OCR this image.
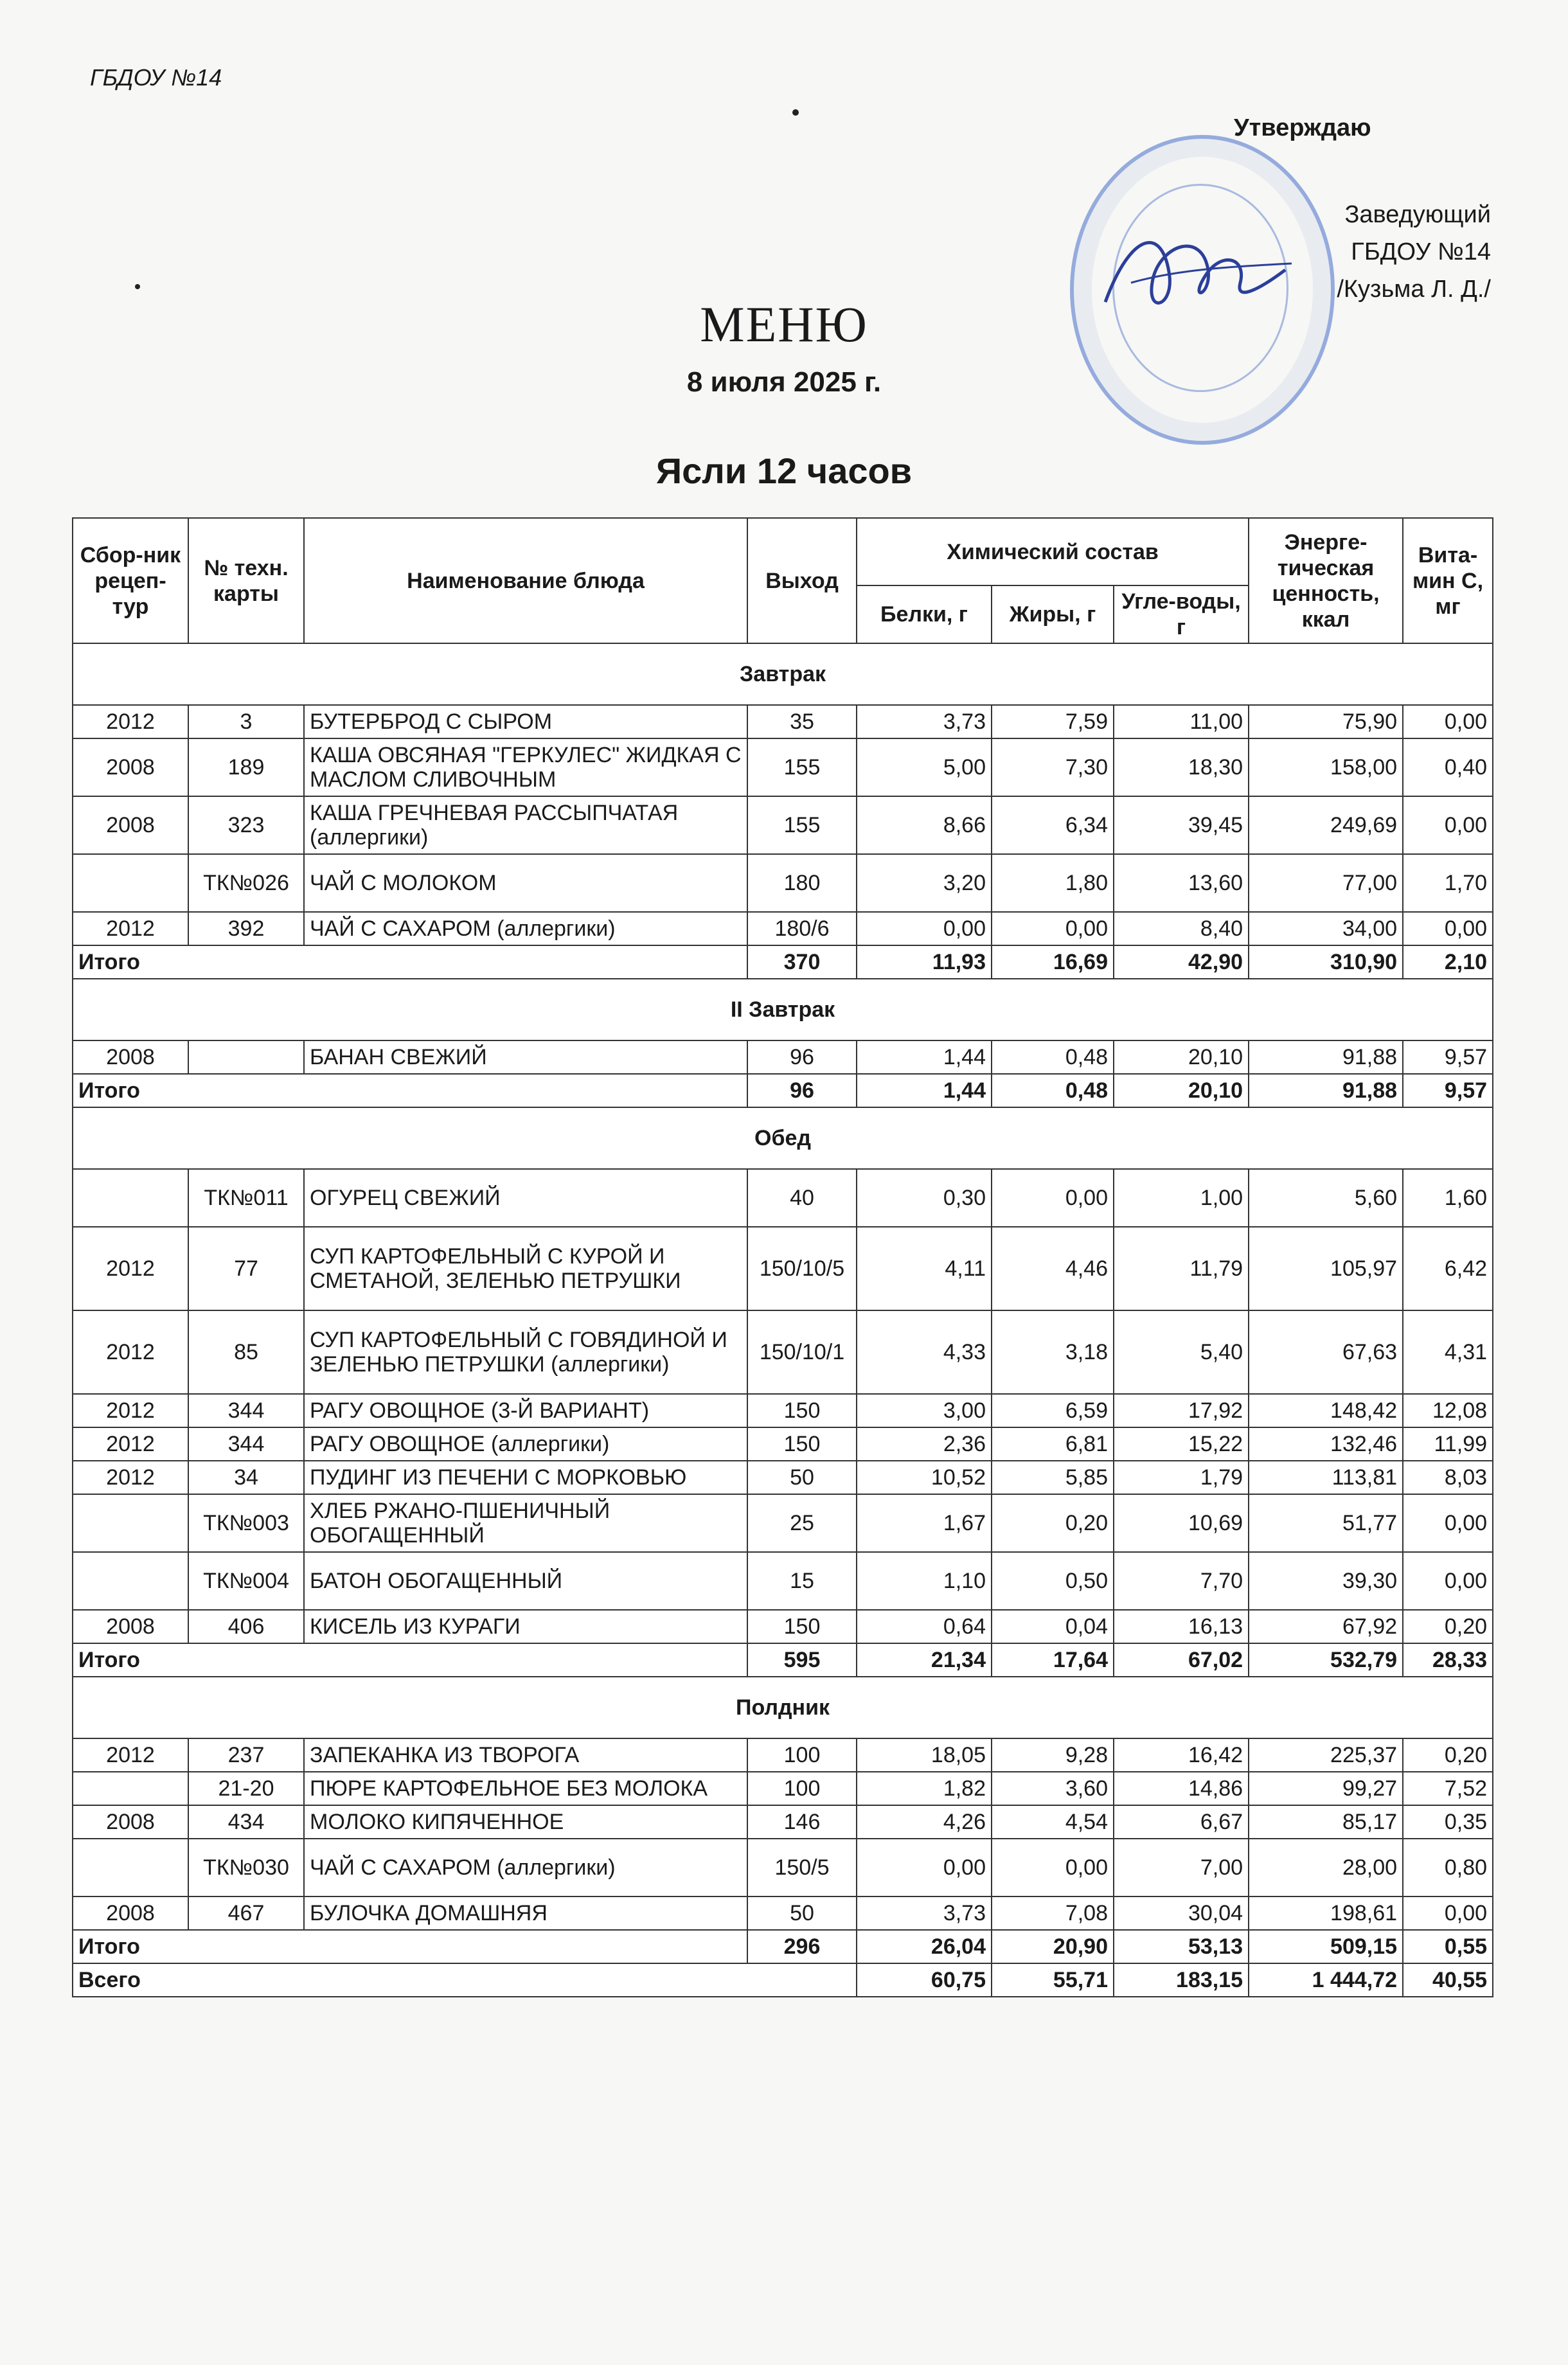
ГБДОУ №14
Утверждаю
Заведующий
ГБДОУ №14
/Кузьма Л. Д./
МЕНЮ
8 июля 2025 г.
Ясли 12 часов
Сбор-ник рецеп-тур	№ техн. карты	Наименование блюда	Выход	Химический состав			Энерге-тическая ценность, ккал	Вита-мин С, мг
				Белки, г	Жиры, г	Угле-воды, г		
Завтрак								
2012	3	БУТЕРБРОД С СЫРОМ	35	3,73	7,59	11,00	75,90	0,00
2008	189	КАША ОВСЯНАЯ "ГЕРКУЛЕС" ЖИДКАЯ С МАСЛОМ СЛИВОЧНЫМ	155	5,00	7,30	18,30	158,00	0,40
2008	323	КАША ГРЕЧНЕВАЯ РАССЫПЧАТАЯ (аллергики)	155	8,66	6,34	39,45	249,69	0,00
	ТК№026	ЧАЙ С МОЛОКОМ	180	3,20	1,80	13,60	77,00	1,70
2012	392	ЧАЙ С САХАРОМ (аллергики)	180/6	0,00	0,00	8,40	34,00	0,00
Итого			370	11,93	16,69	42,90	310,90	2,10
II Завтрак								
2008		БАНАН СВЕЖИЙ	96	1,44	0,48	20,10	91,88	9,57
Итого			96	1,44	0,48	20,10	91,88	9,57
Обед								
	ТК№011	ОГУРЕЦ СВЕЖИЙ	40	0,30	0,00	1,00	5,60	1,60
2012	77	СУП КАРТОФЕЛЬНЫЙ С КУРОЙ И СМЕТАНОЙ, ЗЕЛЕНЬЮ ПЕТРУШКИ	150/10/5	4,11	4,46	11,79	105,97	6,42
2012	85	СУП КАРТОФЕЛЬНЫЙ С ГОВЯДИНОЙ И ЗЕЛЕНЬЮ ПЕТРУШКИ (аллергики)	150/10/1	4,33	3,18	5,40	67,63	4,31
2012	344	РАГУ ОВОЩНОЕ (3-Й ВАРИАНТ)	150	3,00	6,59	17,92	148,42	12,08
2012	344	РАГУ ОВОЩНОЕ (аллергики)	150	2,36	6,81	15,22	132,46	11,99
2012	34	ПУДИНГ ИЗ ПЕЧЕНИ С МОРКОВЬЮ	50	10,52	5,85	1,79	113,81	8,03
	ТК№003	ХЛЕБ РЖАНО-ПШЕНИЧНЫЙ ОБОГАЩЕННЫЙ	25	1,67	0,20	10,69	51,77	0,00
	ТК№004	БАТОН ОБОГАЩЕННЫЙ	15	1,10	0,50	7,70	39,30	0,00
2008	406	КИСЕЛЬ ИЗ КУРАГИ	150	0,64	0,04	16,13	67,92	0,20
Итого			595	21,34	17,64	67,02	532,79	28,33
Полдник								
2012	237	ЗАПЕКАНКА ИЗ ТВОРОГА	100	18,05	9,28	16,42	225,37	0,20
	21-20	ПЮРЕ КАРТОФЕЛЬНОЕ БЕЗ МОЛОКА	100	1,82	3,60	14,86	99,27	7,52
2008	434	МОЛОКО КИПЯЧЕННОЕ	146	4,26	4,54	6,67	85,17	0,35
	ТК№030	ЧАЙ С САХАРОМ (аллергики)	150/5	0,00	0,00	7,00	28,00	0,80
2008	467	БУЛОЧКА ДОМАШНЯЯ	50	3,73	7,08	30,04	198,61	0,00
Итого			296	26,04	20,90	53,13	509,15	0,55
Всего				60,75	55,71	183,15	1 444,72	40,55
